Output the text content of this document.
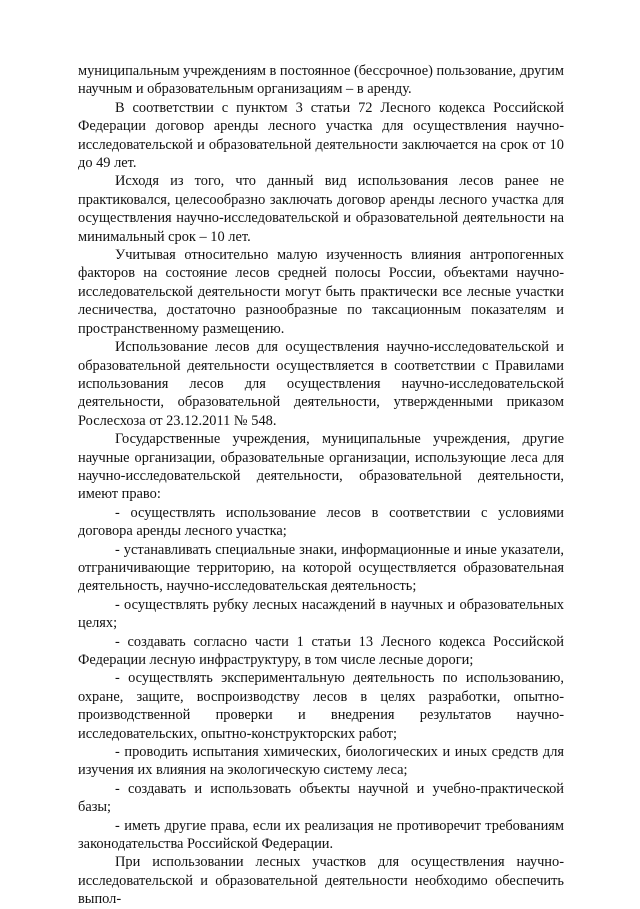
муниципальным учреждениям в постоянное (бессрочное) пользование, другим научным и образовательным организациям – в аренду.

В соответствии с пунктом 3 статьи 72 Лесного кодекса Российской Федерации договор аренды лесного участка для осуществления научно-исследовательской и образовательной деятельности заключается на срок от 10 до 49 лет.

Исходя из того, что данный вид использования лесов ранее не практиковался, целесообразно заключать договор аренды лесного участка для осуществления научно-исследовательской и образовательной деятельности на минимальный срок – 10 лет.

Учитывая относительно малую изученность влияния антропогенных факторов на состояние лесов средней полосы России, объектами научно-исследовательской деятельности могут быть практически все лесные участки лесничества, достаточно разнообразные по таксационным показателям и пространственному размещению.

Использование лесов для осуществления научно-исследовательской и образовательной деятельности осуществляется в соответствии с Правилами использования лесов для осуществления научно-исследовательской деятельности, образовательной деятельности, утвержденными приказом Рослесхоза от 23.12.2011 № 548.

Государственные учреждения, муниципальные учреждения, другие научные организации, образовательные организации, использующие леса для научно-исследовательской деятельности, образовательной деятельности, имеют право:

- осуществлять использование лесов в соответствии с условиями договора аренды лесного участка;

- устанавливать специальные знаки, информационные и иные указатели, отграничивающие территорию, на которой осуществляется образовательная деятельность, научно-исследовательская деятельность;

- осуществлять рубку лесных насаждений в научных и образовательных целях;

- создавать согласно части 1 статьи 13 Лесного кодекса Российской Федерации лесную инфраструктуру, в том числе лесные дороги;

- осуществлять экспериментальную деятельность по использованию, охране, защите, воспроизводству лесов в целях разработки, опытно-производственной проверки и внедрения результатов научно-исследовательских, опытно-конструкторских работ;

- проводить испытания химических, биологических и иных средств для изучения их влияния на экологическую систему леса;

- создавать и использовать объекты научной и учебно-практической базы;

- иметь другие права, если их реализация не противоречит требованиям законодательства Российской Федерации.

При использовании лесных участков для осуществления научно-исследовательской и образовательной деятельности необходимо обеспечить выпол-
